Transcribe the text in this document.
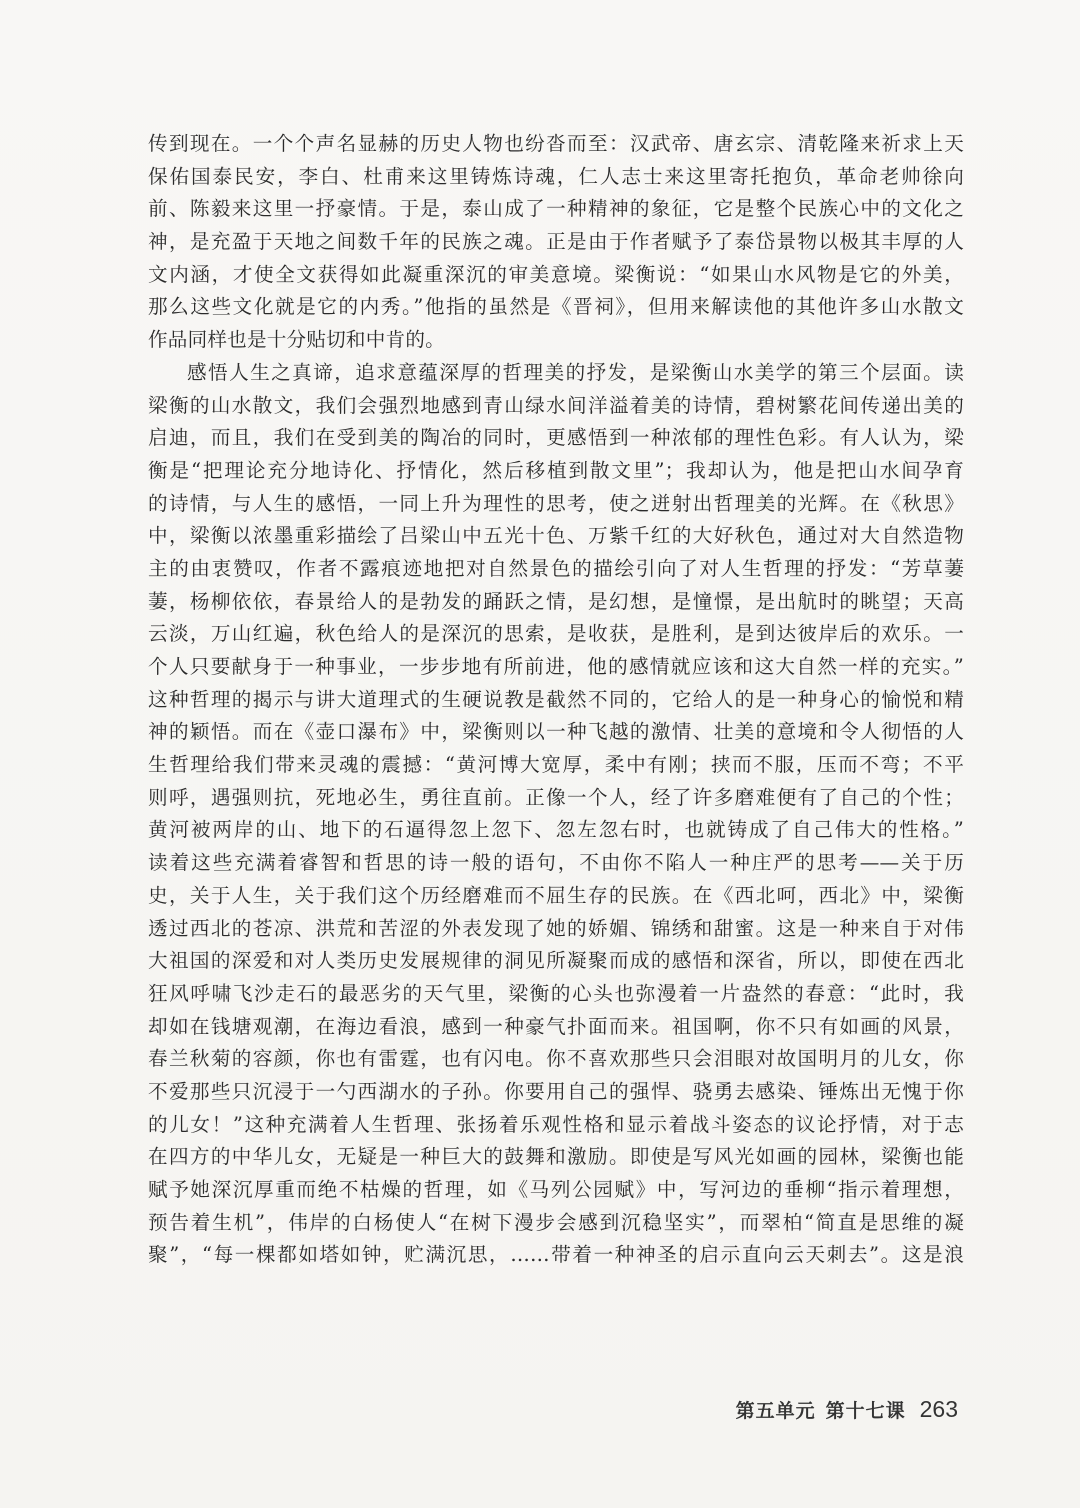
传到现在。一个个声名显赫的历史人物也纷沓而至：汉武帝、唐玄宗、清乾隆来祈求上天
保佑国泰民安，李白、杜甫来这里铸炼诗魂，仁人志士来这里寄托抱负，革命老帅徐向
前、陈毅来这里一抒豪情。于是，泰山成了一种精神的象征，它是整个民族心中的文化之
神，是充盈于天地之间数千年的民族之魂。正是由于作者赋予了泰岱景物以极其丰厚的人
文内涵，才使全文获得如此凝重深沉的审美意境。梁衡说：“如果山水风物是它的外美，
那么这些文化就是它的内秀。”他指的虽然是《晋祠》，但用来解读他的其他许多山水散文
作品同样也是十分贴切和中肯的。
感悟人生之真谛，追求意蕴深厚的哲理美的抒发，是梁衡山水美学的第三个层面。读
梁衡的山水散文，我们会强烈地感到青山绿水间洋溢着美的诗情，碧树繁花间传递出美的
启迪，而且，我们在受到美的陶冶的同时，更感悟到一种浓郁的理性色彩。有人认为，梁
衡是“把理论充分地诗化、抒情化，然后移植到散文里”；我却认为，他是把山水间孕育
的诗情，与人生的感悟，一同上升为理性的思考，使之迸射出哲理美的光辉。在《秋思》
中，梁衡以浓墨重彩描绘了吕梁山中五光十色、万紫千红的大好秋色，通过对大自然造物
主的由衷赞叹，作者不露痕迹地把对自然景色的描绘引向了对人生哲理的抒发：“芳草萋
萋，杨柳依依，春景给人的是勃发的踊跃之情，是幻想，是憧憬，是出航时的眺望；天高
云淡，万山红遍，秋色给人的是深沉的思索，是收获，是胜利，是到达彼岸后的欢乐。一
个人只要献身于一种事业，一步步地有所前进，他的感情就应该和这大自然一样的充实。”
这种哲理的揭示与讲大道理式的生硬说教是截然不同的，它给人的是一种身心的愉悦和精
神的颖悟。而在《壶口瀑布》中，梁衡则以一种飞越的激情、壮美的意境和令人彻悟的人
生哲理给我们带来灵魂的震撼：“黄河博大宽厚，柔中有刚；挟而不服，压而不弯；不平
则呼，遇强则抗，死地必生，勇往直前。正像一个人，经了许多磨难便有了自己的个性；
黄河被两岸的山、地下的石逼得忽上忽下、忽左忽右时，也就铸成了自己伟大的性格。”
读着这些充满着睿智和哲思的诗一般的语句，不由你不陷人一种庄严的思考——关于历
史，关于人生，关于我们这个历经磨难而不屈生存的民族。在《西北呵，西北》中，梁衡
透过西北的苍凉、洪荒和苦涩的外表发现了她的娇媚、锦绣和甜蜜。这是一种来自于对伟
大祖国的深爱和对人类历史发展规律的洞见所凝聚而成的感悟和深省，所以，即使在西北
狂风呼啸飞沙走石的最恶劣的天气里，梁衡的心头也弥漫着一片盎然的春意：“此时，我
却如在钱塘观潮，在海边看浪，感到一种豪气扑面而来。祖国啊，你不只有如画的风景，
春兰秋菊的容颜，你也有雷霆，也有闪电。你不喜欢那些只会泪眼对故国明月的儿女，你
不爱那些只沉浸于一勺西湖水的子孙。你要用自己的强悍、骁勇去感染、锤炼出无愧于你
的儿女！”这种充满着人生哲理、张扬着乐观性格和显示着战斗姿态的议论抒情，对于志
在四方的中华儿女，无疑是一种巨大的鼓舞和激励。即使是写风光如画的园林，梁衡也能
赋予她深沉厚重而绝不枯燥的哲理，如《马列公园赋》中，写河边的垂柳“指示着理想，
预告着生机”，伟岸的白杨使人“在树下漫步会感到沉稳坚实”，而翠柏“简直是思维的凝
聚”，“每一棵都如塔如钟，贮满沉思，……带着一种神圣的启示直向云天刺去”。这是浪
第五单元 第十七课 263
